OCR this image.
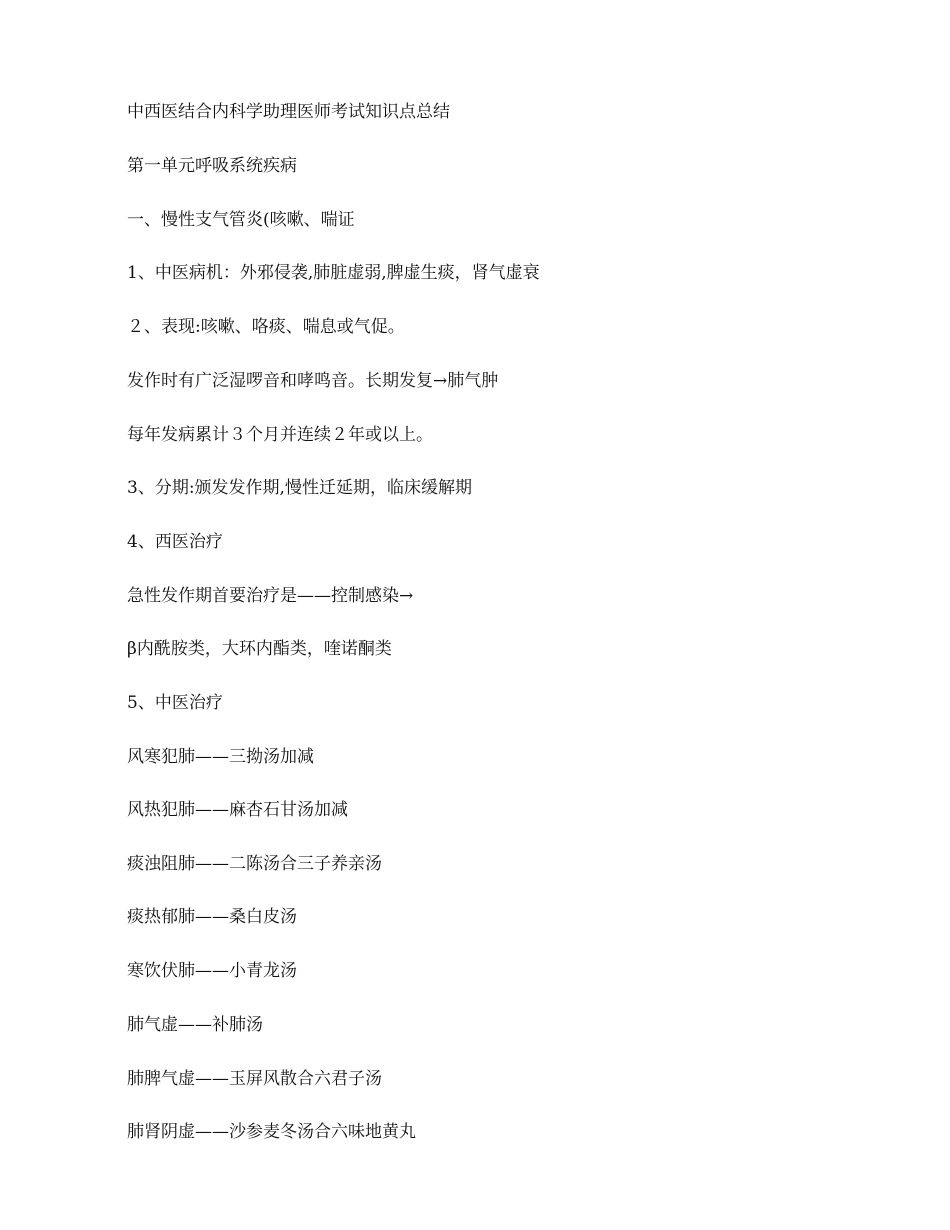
中西医结合内科学助理医师考试知识点总结

第一单元呼吸系统疾病

一、慢性支气管炎(咳嗽、喘证

1、中医病机：外邪侵袭,肺脏虚弱,脾虚生痰，肾气虚衰

２、表现:咳嗽、咯痰、喘息或气促。

发作时有广泛湿啰音和哮鸣音。长期发复→肺气肿

每年发病累计３个月并连续２年或以上。

3、分期:颁发发作期,慢性迁延期，临床缓解期

4、西医治疗

急性发作期首要治疗是——控制感染→

β内酰胺类，大环内酯类，喹诺酮类

5、中医治疗

风寒犯肺——三拗汤加减

风热犯肺——麻杏石甘汤加减

痰浊阻肺——二陈汤合三子养亲汤

痰热郁肺——桑白皮汤

寒饮伏肺——小青龙汤

肺气虚——补肺汤

肺脾气虚——玉屏风散合六君子汤

肺肾阴虚——沙参麦冬汤合六味地黄丸
